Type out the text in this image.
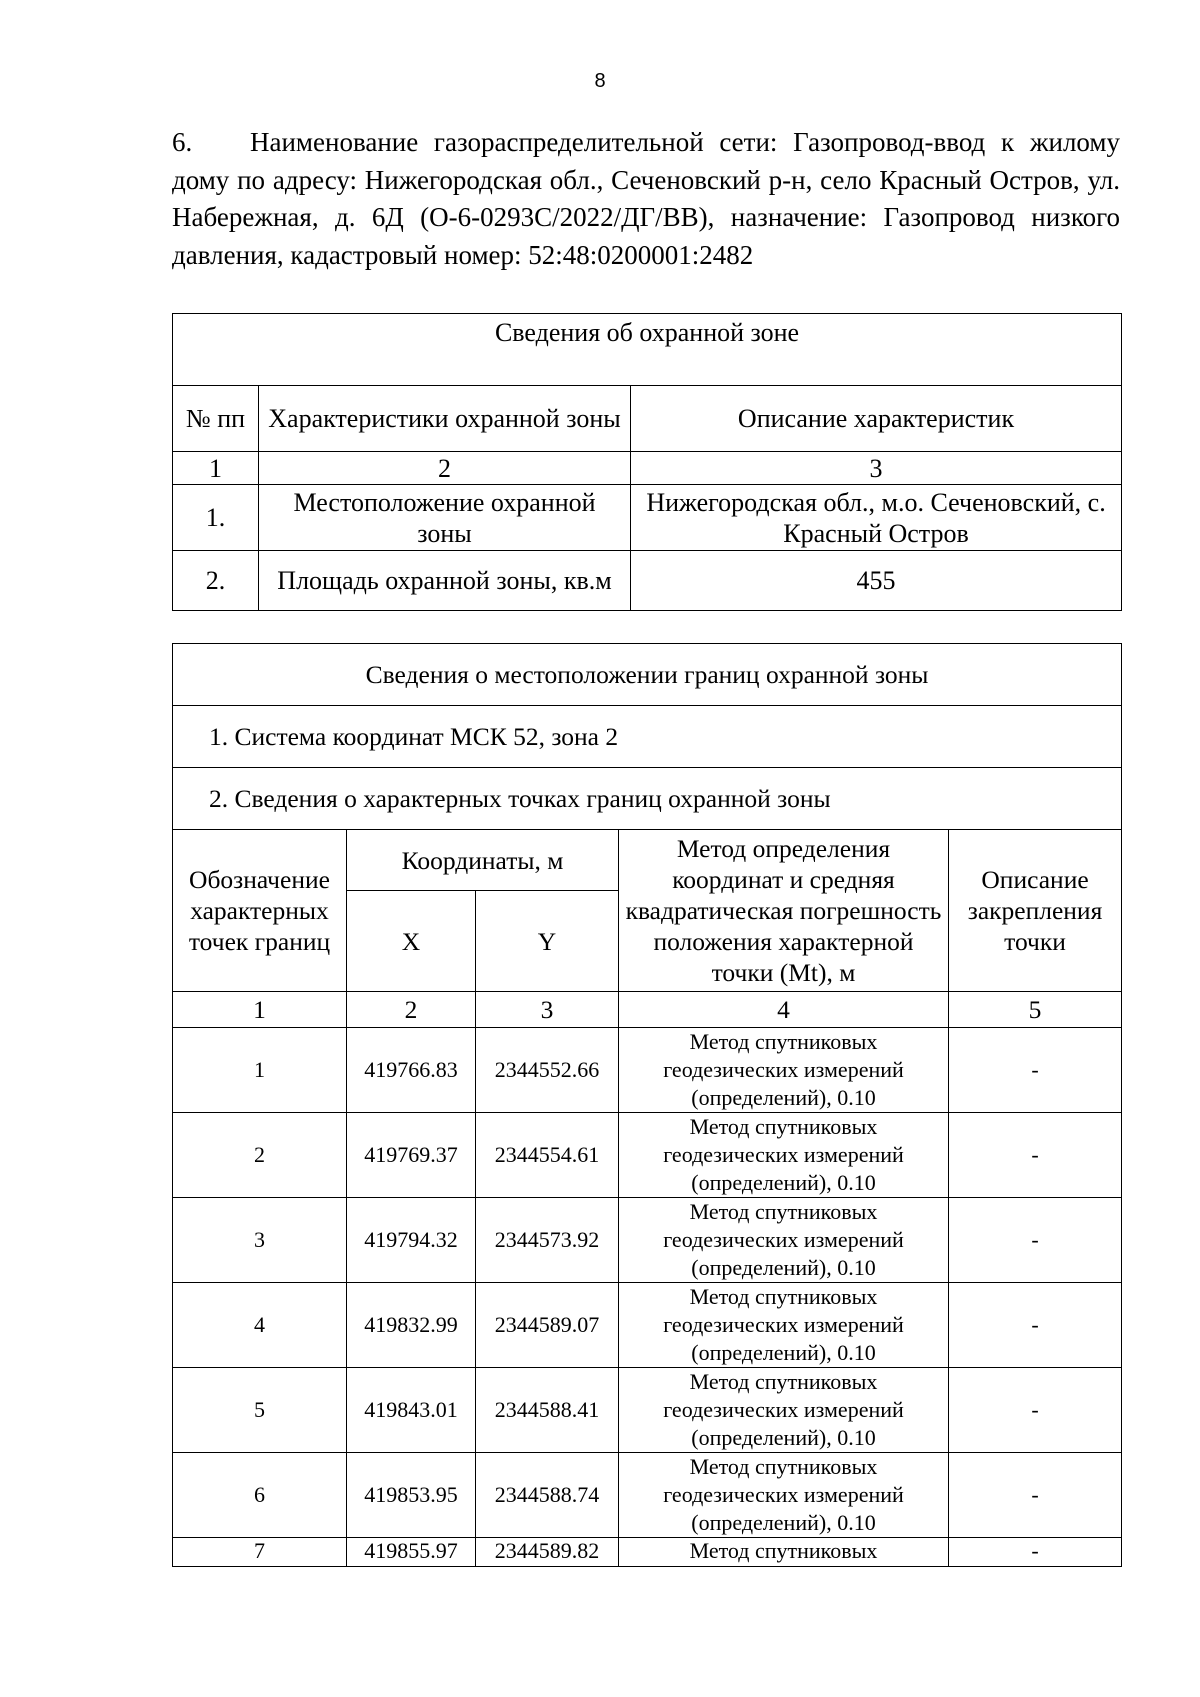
8
6. Наименование газораспределительной сети: Газопровод-ввод к жилому дому по адресу: Нижегородская обл., Сеченовский р-н, село Красный Остров, ул. Набережная, д. 6Д (О-6-0293С/2022/ДГ/ВВ), назначение: Газопровод низкого давления, кадастровый номер: 52:48:0200001:2482
Сведения об охранной зоне		
№ пп	Характеристики охранной зоны	Описание характеристик
1	2	3
1.	Местоположение охранной зоны	Нижегородская обл., м.о. Сеченовский, с. Красный Остров
2.	Площадь охранной зоны, кв.м	455
Сведения о местоположении границ охранной зоны				
1. Система координат МСК 52, зона 2				
2. Сведения о характерных точках границ охранной зоны				
Обозначение характерных точек границ	Координаты, м		Метод определения координат и средняя квадратическая погрешность положения характерной точки (Mt), м	Описание закрепления точки
	X	Y		
1	2	3	4	5
1	419766.83	2344552.66	Метод спутниковых геодезических измерений (определений), 0.10	-
2	419769.37	2344554.61	Метод спутниковых геодезических измерений (определений), 0.10	-
3	419794.32	2344573.92	Метод спутниковых геодезических измерений (определений), 0.10	-
4	419832.99	2344589.07	Метод спутниковых геодезических измерений (определений), 0.10	-
5	419843.01	2344588.41	Метод спутниковых геодезических измерений (определений), 0.10	-
6	419853.95	2344588.74	Метод спутниковых геодезических измерений (определений), 0.10	-
7	419855.97	2344589.82	Метод спутниковых	-
